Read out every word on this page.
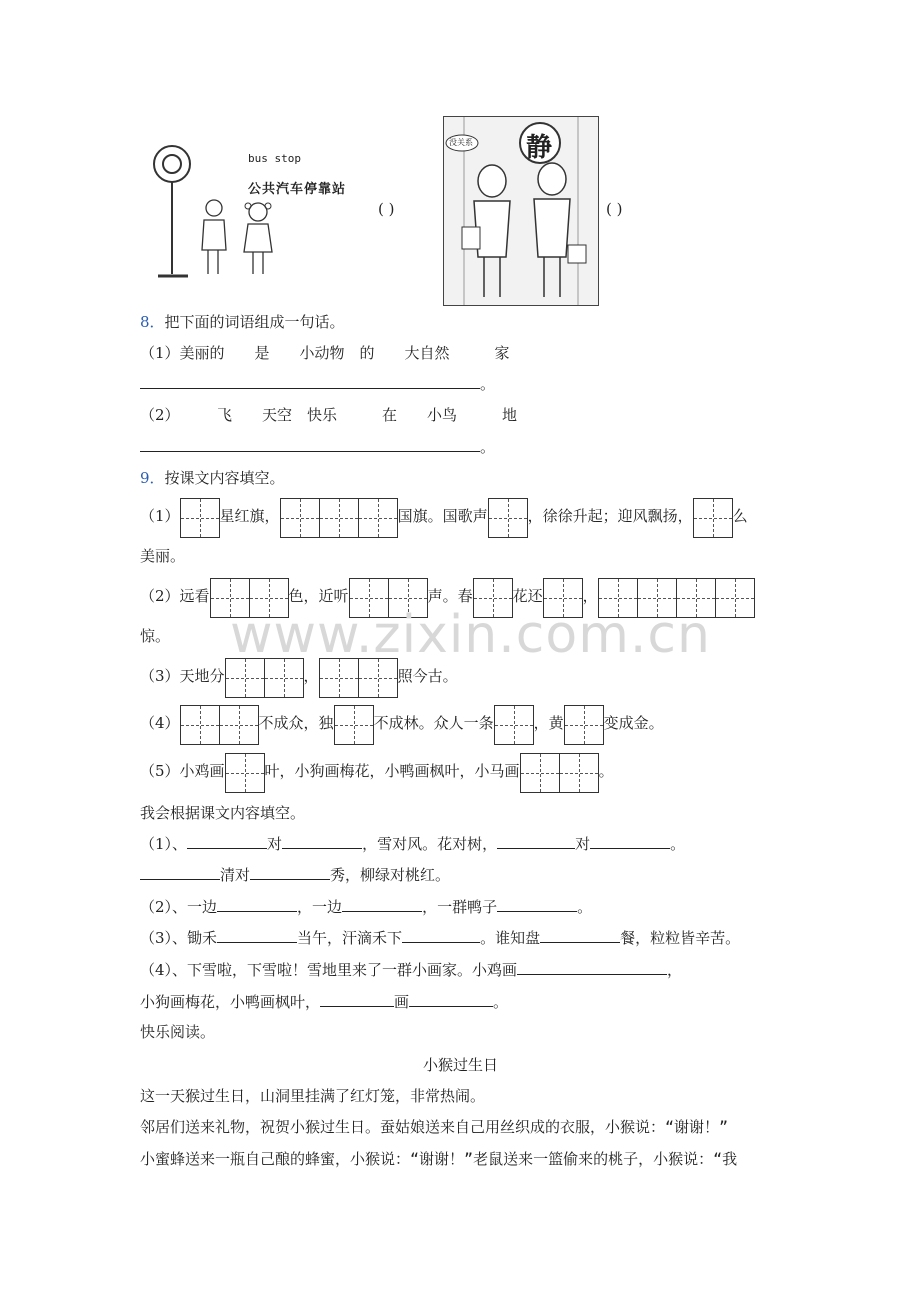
bus stop
公共汽车停靠站
( )
静
没关系
( )
8．把下面的词语组成一句话。
（1）美丽的　　是　　小动物　的　　大自然　　　家
。
（2）　　　飞　　天空　快乐　　　在　　小鸟　　　地
。
9．按课文内容填空。
（1）	星红旗，	国旗。国歌声	，徐徐升起；迎风飘扬，	么
美丽。
（2）远看	色，近听	声。春	花还	，
惊。
（3）天地分	，	照今古。
（4）	不成众，独	不成林。众人一条	，黄	变成金。
（5）小鸡画	叶，小狗画梅花，小鸭画枫叶，小马画	。
www.zixin.com.cn
我会根据课文内容填空。
（1）、	对	，雪对风。花对树，	对	。
清对	秀，柳绿对桃红。
（2）、一边	，一边	，一群鸭子	。
（3）、锄禾	当午，汗滴禾下	。谁知盘	餐，粒粒皆辛苦。
（4）、下雪啦，下雪啦！雪地里来了一群小画家。小鸡画	，
小狗画梅花，小鸭画枫叶，	画	。
快乐阅读。
小猴过生日
这一天猴过生日，山洞里挂满了红灯笼，非常热闹。
邻居们送来礼物，祝贺小猴过生日。蚕姑娘送来自己用丝织成的衣服，小猴说：“谢谢！”
小蜜蜂送来一瓶自己酿的蜂蜜，小猴说：“谢谢！”老鼠送来一篮偷来的桃子，小猴说：“我
